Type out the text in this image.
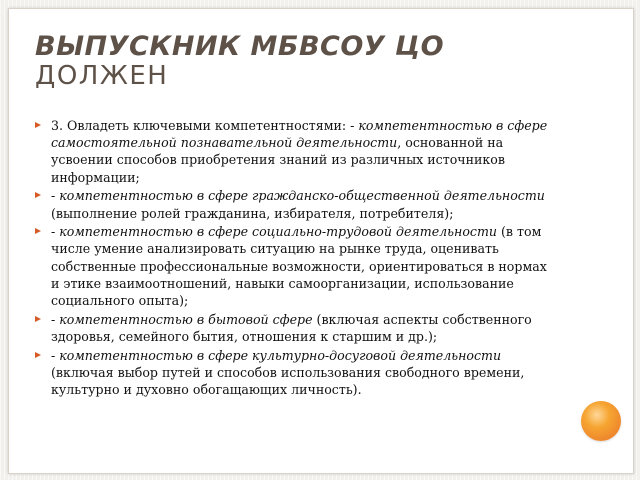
ВЫПУСКНИК МБВСОУ ЦО
ДОЛЖЕН
3. Овладеть ключевыми компетентностями: - компетентностью в сфере самостоятельной познавательной деятельности, основанной на усвоении способов приобретения знаний из различных источников информации;
- компетентностью в сфере гражданско-общественной деятельности (выполнение ролей гражданина, избирателя, потребителя);
- компетентностью в сфере социально-трудовой деятельности (в том числе умение анализировать ситуацию на рынке труда, оценивать собственные профессиональные возможности, ориентироваться в нормах и этике взаимоотношений, навыки самоорганизации, использование социального опыта);
- компетентностью в бытовой сфере (включая аспекты собственного здоровья, семейного бытия, отношения к старшим и др.);
- компетентностью в сфере культурно-досуговой деятельности (включая выбор путей и способов использования свободного времени, культурно и духовно обогащающих личность).
